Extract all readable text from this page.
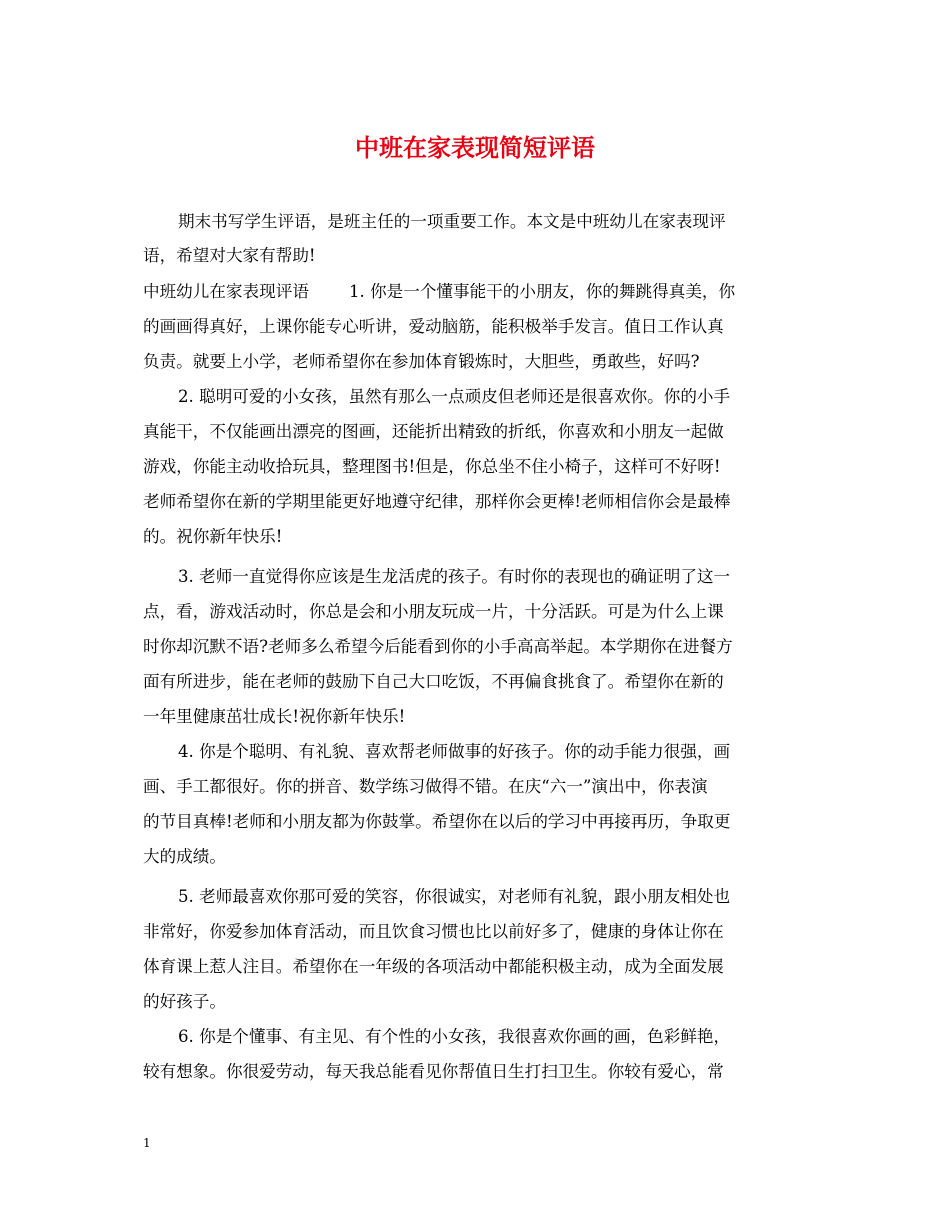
中班在家表现简短评语
期末书写学生评语，是班主任的一项重要工作。本文是中班幼儿在家表现评
语，希望对大家有帮助!
中班幼儿在家表现评语 1. 你是一个懂事能干的小朋友，你的舞跳得真美，你
的画画得真好，上课你能专心听讲，爱动脑筋，能积极举手发言。值日工作认真
负责。就要上小学，老师希望你在参加体育锻炼时，大胆些，勇敢些，好吗?
2. 聪明可爱的小女孩，虽然有那么一点顽皮但老师还是很喜欢你。你的小手
真能干，不仅能画出漂亮的图画，还能折出精致的折纸，你喜欢和小朋友一起做
游戏，你能主动收拾玩具，整理图书!但是，你总坐不住小椅子，这样可不好呀!
老师希望你在新的学期里能更好地遵守纪律，那样你会更棒!老师相信你会是最棒
的。祝你新年快乐!
3. 老师一直觉得你应该是生龙活虎的孩子。有时你的表现也的确证明了这一
点，看，游戏活动时，你总是会和小朋友玩成一片，十分活跃。可是为什么上课
时你却沉默不语?老师多么希望今后能看到你的小手高高举起。本学期你在进餐方
面有所进步，能在老师的鼓励下自己大口吃饭，不再偏食挑食了。希望你在新的
一年里健康茁壮成长!祝你新年快乐!
4. 你是个聪明、有礼貌、喜欢帮老师做事的好孩子。你的动手能力很强，画
画、手工都很好。你的拼音、数学练习做得不错。在庆“六一”演出中，你表演
的节目真棒!老师和小朋友都为你鼓掌。希望你在以后的学习中再接再历，争取更
大的成绩。
5. 老师最喜欢你那可爱的笑容，你很诚实，对老师有礼貌，跟小朋友相处也
非常好，你爱参加体育活动，而且饮食习惯也比以前好多了，健康的身体让你在
体育课上惹人注目。希望你在一年级的各项活动中都能积极主动，成为全面发展
的好孩子。
6. 你是个懂事、有主见、有个性的小女孩，我很喜欢你画的画，色彩鲜艳，
较有想象。你很爱劳动，每天我总能看见你帮值日生打扫卫生。你较有爱心，常
1
